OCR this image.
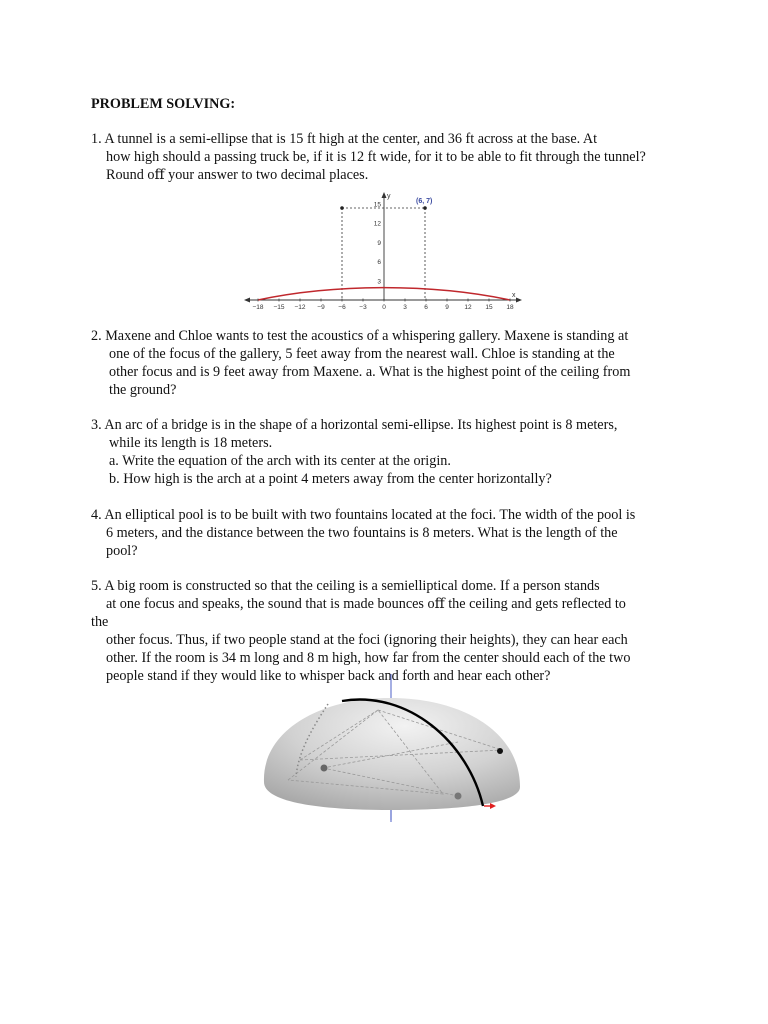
PROBLEM SOLVING:
1. A tunnel is a semi-ellipse that is 15 ft high at the center, and 36 ft across at the base. At
how high should a passing truck be, if it is 12 ft wide, for it to be able to fit through the tunnel?
Round oﬀ your answer to two decimal places.
−18 −15 −12 −9 −6 −3 0	3	6	9 12 15 18
3
6
9
12
15
x
y
(6, 7)
2. Maxene and Chloe wants to test the acoustics of a whispering gallery. Maxene is standing at
one of the focus of the gallery, 5 feet away from the nearest wall. Chloe is standing at the
other focus and is 9 feet away from Maxene. a. What is the highest point of the ceiling from
the ground?
3. An arc of a bridge is in the shape of a horizontal semi-ellipse. Its highest point is 8 meters,
while its length is 18 meters.
a. Write the equation of the arch with its center at the origin.
b. How high is the arch at a point 4 meters away from the center horizontally?
4. An elliptical pool is to be built with two fountains located at the foci. The width of the pool is
6 meters, and the distance between the two fountains is 8 meters. What is the length of the
pool?
5. A big room is constructed so that the ceiling is a semielliptical dome. If a person stands
at one focus and speaks, the sound that is made bounces oﬀ the ceiling and gets reflected to
the
other focus. Thus, if two people stand at the foci (ignoring their heights), they can hear each
other. If the room is 34 m long and 8 m high, how far from the center should each of the two
people stand if they would like to whisper back and forth and hear each other?
